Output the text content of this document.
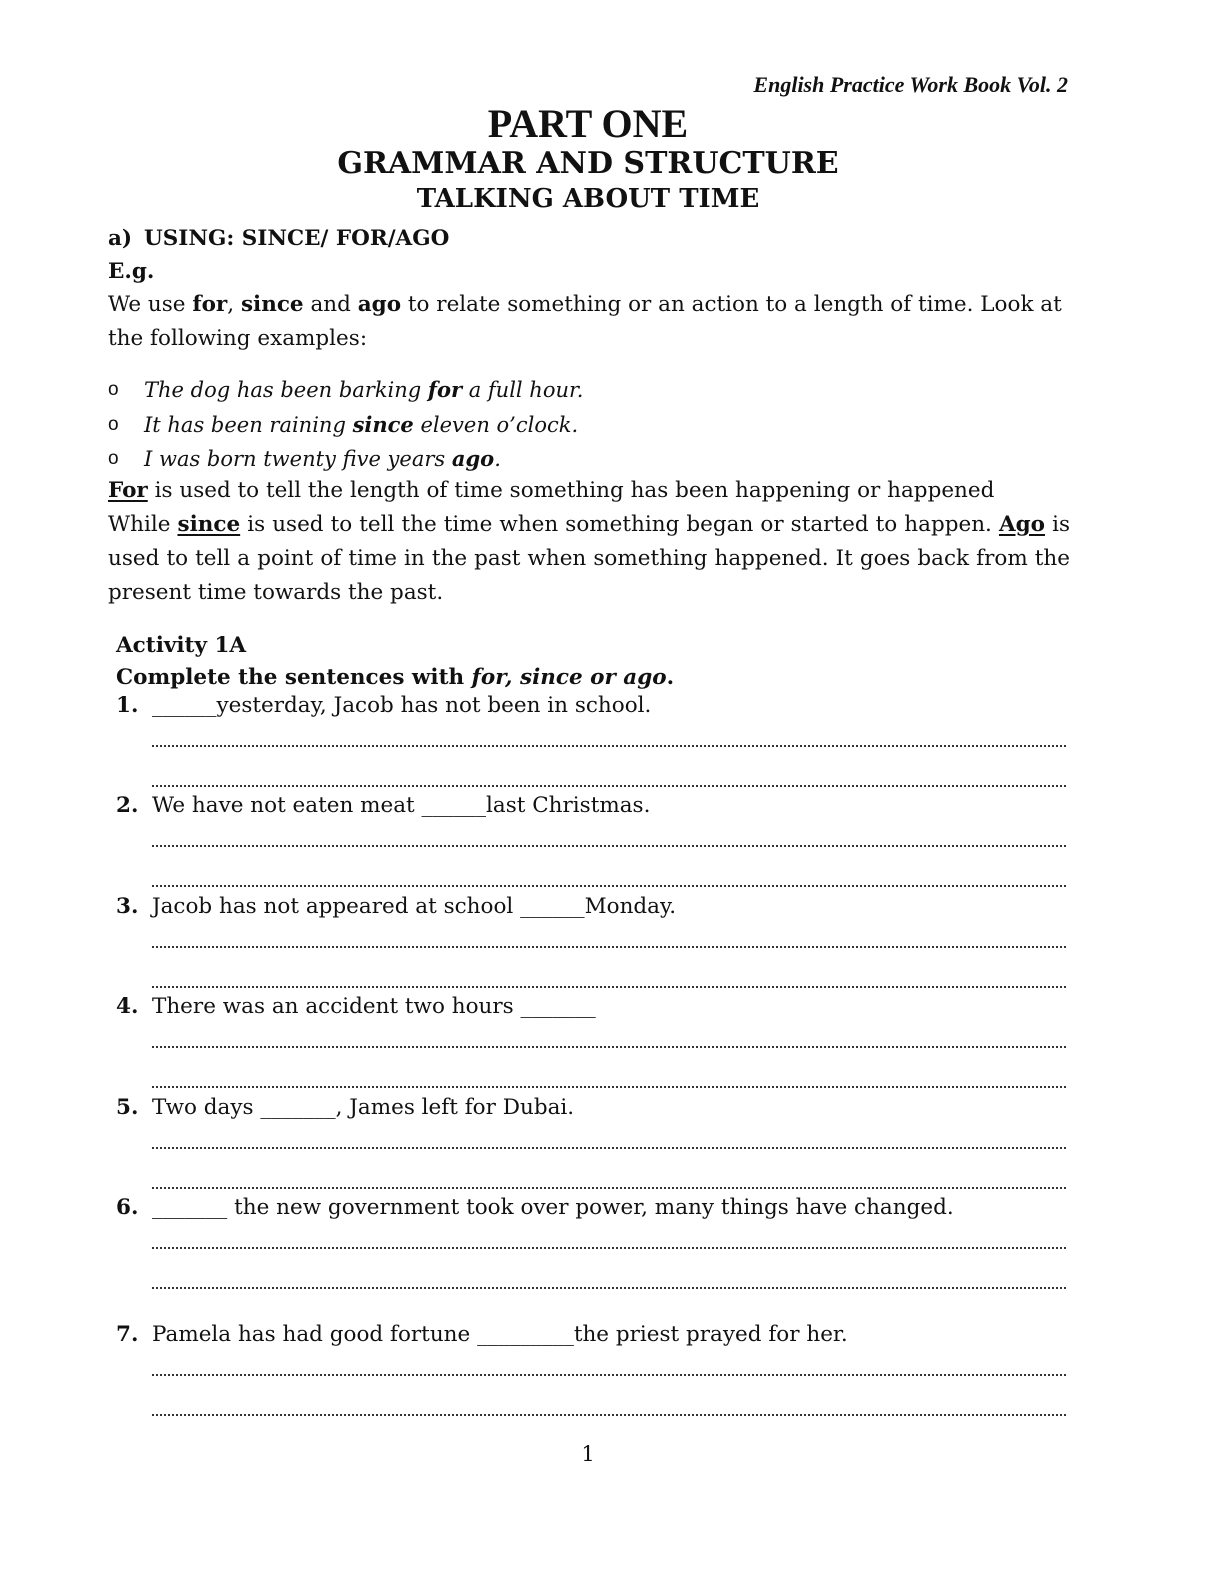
English Practice Work Book Vol. 2
PART ONE
GRAMMAR AND STRUCTURE
TALKING ABOUT TIME
a) USING: SINCE/ FOR/AGO
E.g.
We use for, since and ago to relate something or an action to a length of time. Look at the following examples:
o	The dog has been barking for a full hour.
o	It has been raining since eleven o’clock.
o	I was born twenty five years ago.
For is used to tell the length of time something has been happening or happened
While since is used to tell the time when something began or started to happen. Ago is used to tell a point of time in the past when something happened. It goes back from the present time towards the past.
Activity 1A
Complete the sentences with for, since or ago.
1. ______yesterday, Jacob has not been in school.
2. We have not eaten meat ______last Christmas.
3. Jacob has not appeared at school ______Monday.
4. There was an accident two hours _______
5. Two days _______, James left for Dubai.
6. _______ the new government took over power, many things have changed.
7. Pamela has had good fortune _________the priest prayed for her.
1
